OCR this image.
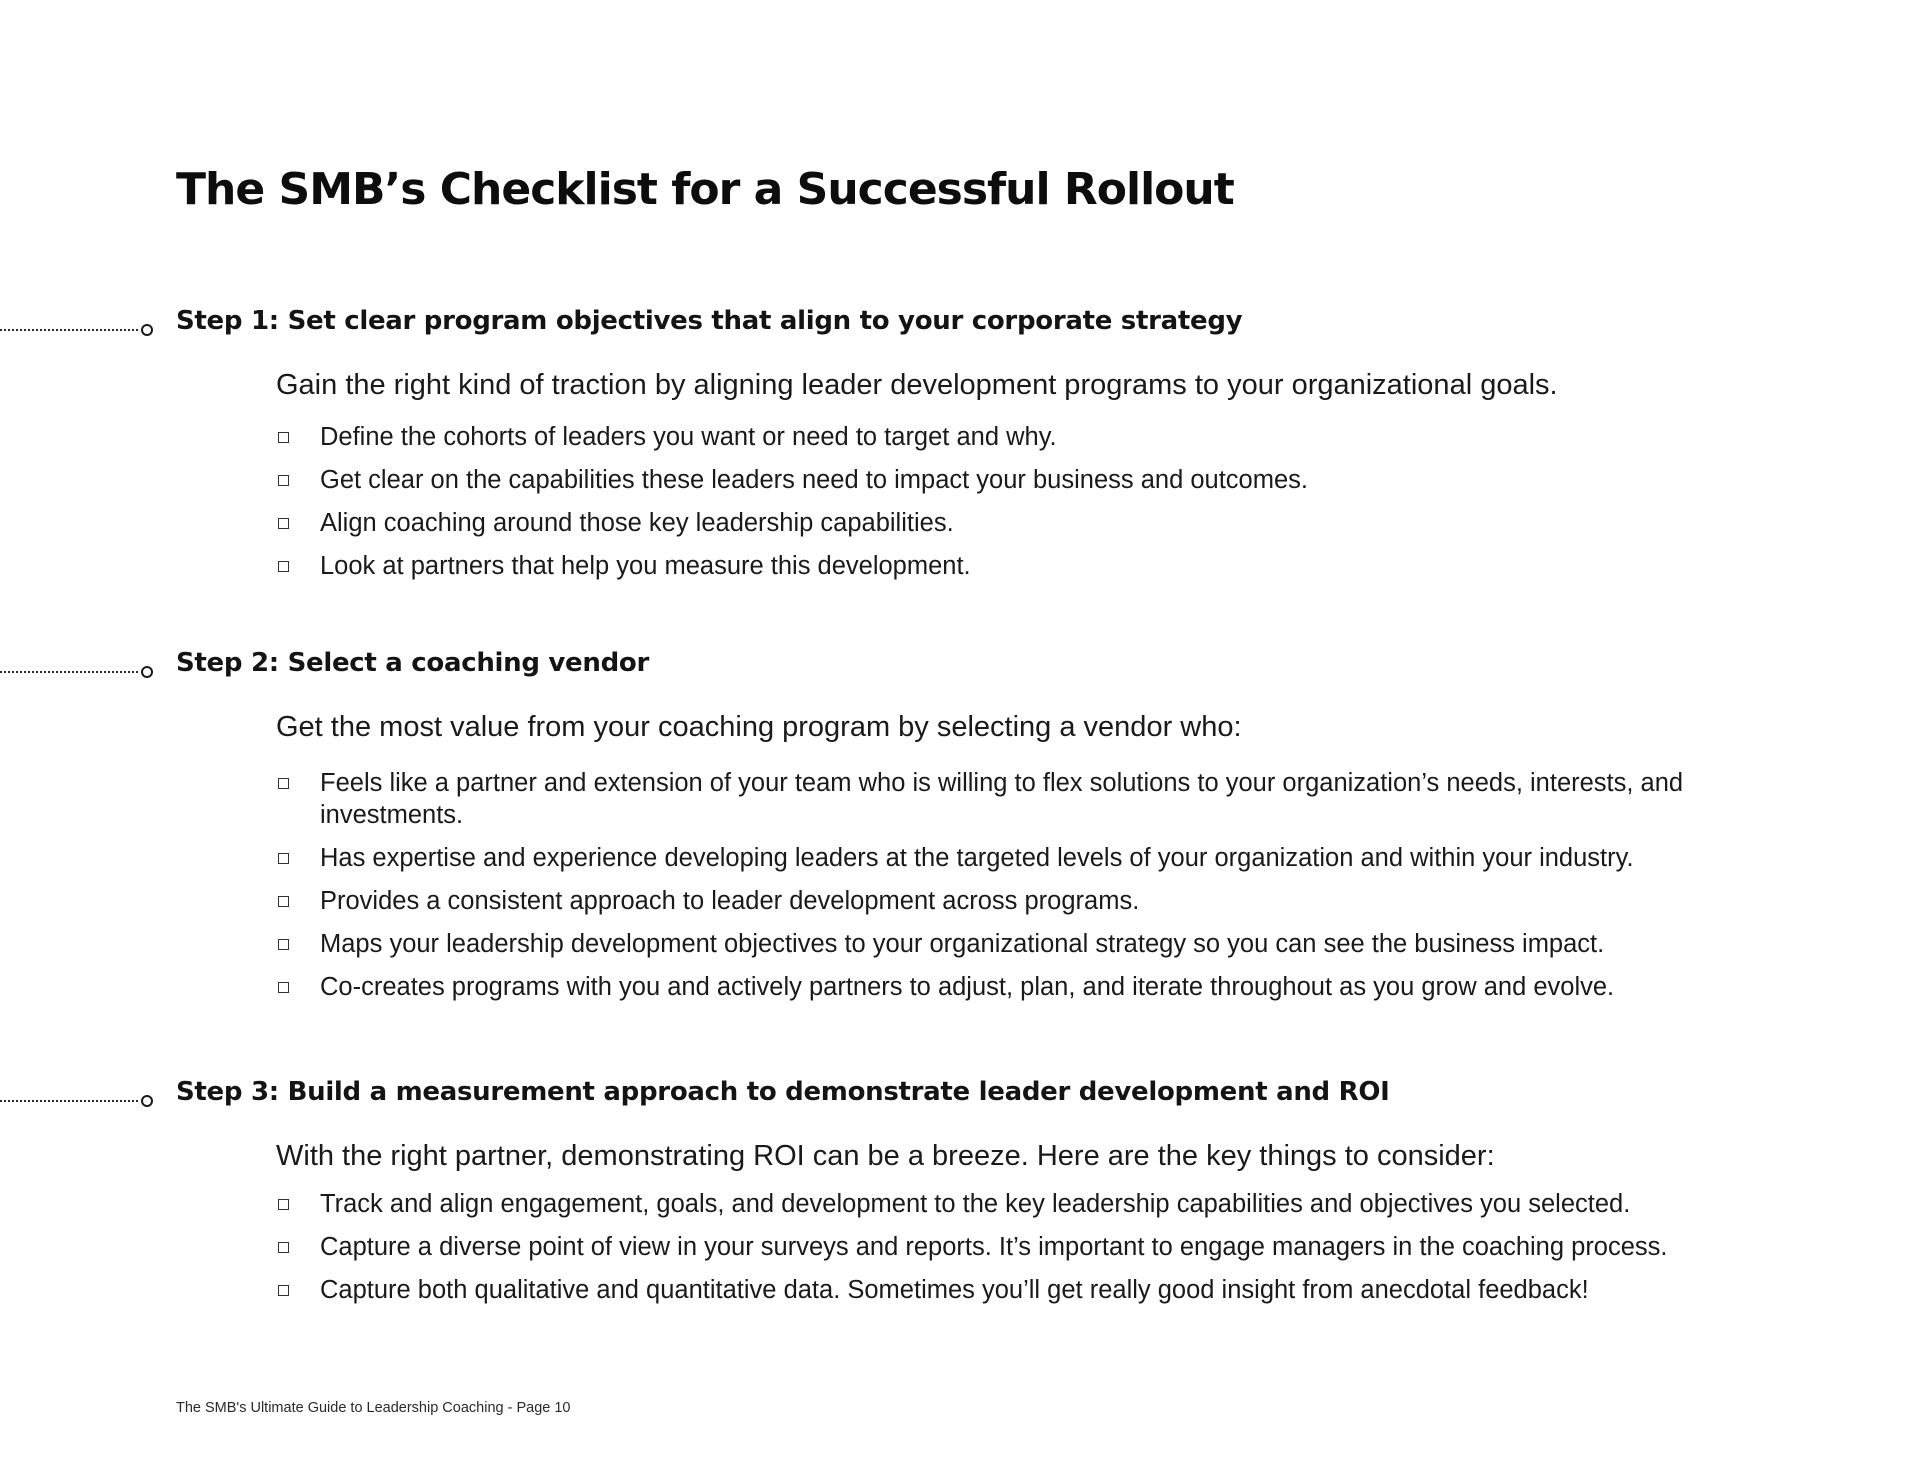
The SMB’s Checklist for a Successful Rollout
Step 1: Set clear program objectives that align to your corporate strategy

Gain the right kind of traction by aligning leader development programs to your organizational goals.

Define the cohorts of leaders you want or need to target and why.
Get clear on the capabilities these leaders need to impact your business and outcomes.
Align coaching around those key leadership capabilities.
Look at partners that help you measure this development.
Step 2: Select a coaching vendor

Get the most value from your coaching program by selecting a vendor who:

Feels like a partner and extension of your team who is willing to flex solutions to your organization’s needs, interests, and investments.
Has expertise and experience developing leaders at the targeted levels of your organization and within your industry.
Provides a consistent approach to leader development across programs.
Maps your leadership development objectives to your organizational strategy so you can see the business impact.
Co-creates programs with you and actively partners to adjust, plan, and iterate throughout as you grow and evolve.
Step 3: Build a measurement approach to demonstrate leader development and ROI

With the right partner, demonstrating ROI can be a breeze. Here are the key things to consider:

Track and align engagement, goals, and development to the key leadership capabilities and objectives you selected.
Capture a diverse point of view in your surveys and reports. It’s important to engage managers in the coaching process.
Capture both qualitative and quantitative data. Sometimes you’ll get really good insight from anecdotal feedback!

The SMB's Ultimate Guide to Leadership Coaching - Page 10
